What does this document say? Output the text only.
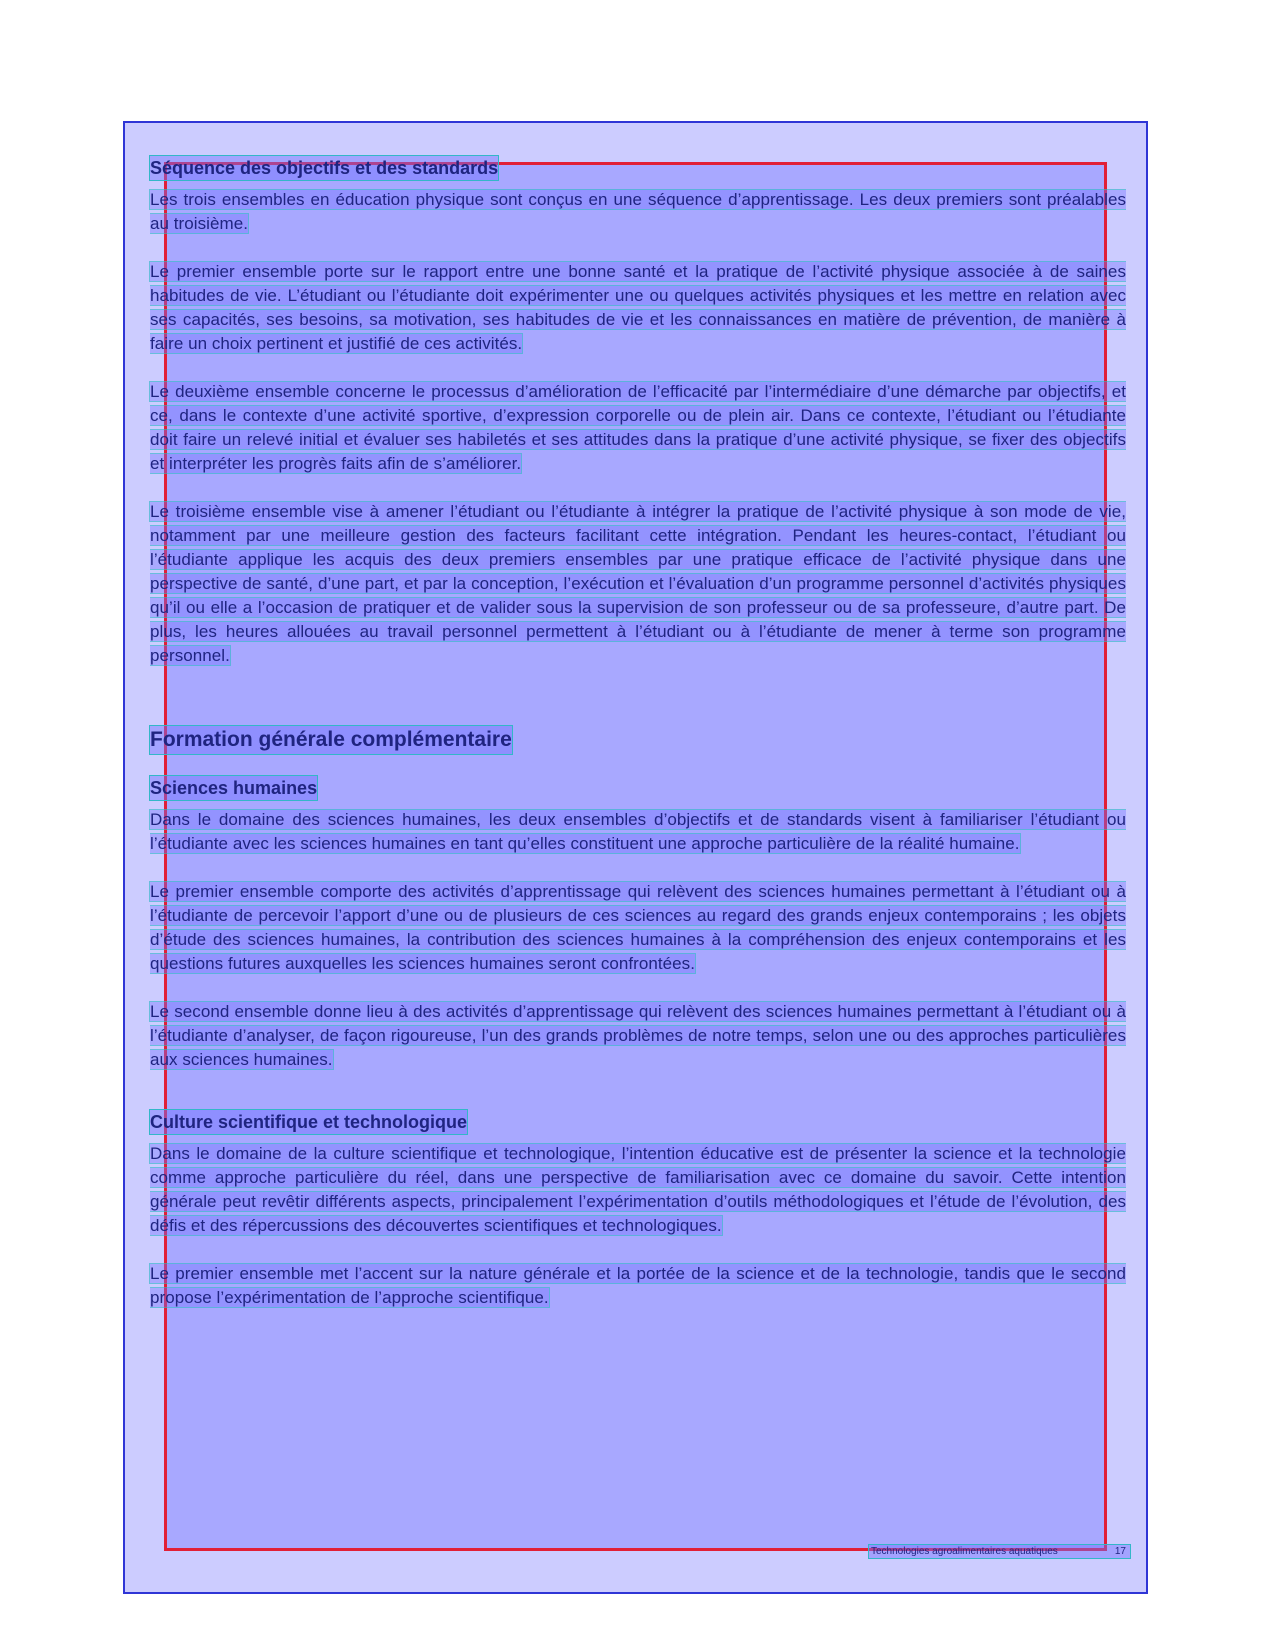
Séquence des objectifs et des standards

Les trois ensembles en éducation physique sont conçus en une séquence d’apprentissage. Les deux premiers sont préalables au troisième.

Le premier ensemble porte sur le rapport entre une bonne santé et la pratique de l’activité physique associée à de saines habitudes de vie. L’étudiant ou l’étudiante doit expérimenter une ou quelques activités physiques et les mettre en relation avec ses capacités, ses besoins, sa motivation, ses habitudes de vie et les connaissances en matière de prévention, de manière à faire un choix pertinent et justifié de ces activités.

Le deuxième ensemble concerne le processus d’amélioration de l’efficacité par l’intermédiaire d’une démarche par objectifs, et ce, dans le contexte d’une activité sportive, d’expression corporelle ou de plein air. Dans ce contexte, l’étudiant ou l’étudiante doit faire un relevé initial et évaluer ses habiletés et ses attitudes dans la pratique d’une activité physique, se fixer des objectifs et interpréter les progrès faits afin de s’améliorer.

Le troisième ensemble vise à amener l’étudiant ou l’étudiante à intégrer la pratique de l’activité physique à son mode de vie, notamment par une meilleure gestion des facteurs facilitant cette intégration. Pendant les heures-contact, l’étudiant ou l’étudiante applique les acquis des deux premiers ensembles par une pratique efficace de l’activité physique dans une perspective de santé, d’une part, et par la conception, l’exécution et l’évaluation d’un programme personnel d’activités physiques qu’il ou elle a l’occasion de pratiquer et de valider sous la supervision de son professeur ou de sa professeure, d’autre part. De plus, les heures allouées au travail personnel permettent à l’étudiant ou à l’étudiante de mener à terme son programme personnel.

Formation générale complémentaire
Sciences humaines

Dans le domaine des sciences humaines, les deux ensembles d’objectifs et de standards visent à familiariser l’étudiant ou l’étudiante avec les sciences humaines en tant qu’elles constituent une approche particulière de la réalité humaine.

Le premier ensemble comporte des activités d’apprentissage qui relèvent des sciences humaines permettant à l’étudiant ou à l’étudiante de percevoir l’apport d’une ou de plusieurs de ces sciences au regard des grands enjeux contemporains ; les objets d’étude des sciences humaines, la contribution des sciences humaines à la compréhension des enjeux contemporains et les questions futures auxquelles les sciences humaines seront confrontées.

Le second ensemble donne lieu à des activités d’apprentissage qui relèvent des sciences humaines permettant à l’étudiant ou à l’étudiante d’analyser, de façon rigoureuse, l’un des grands problèmes de notre temps, selon une ou des approches particulières aux sciences humaines.

Culture scientifique et technologique

Dans le domaine de la culture scientifique et technologique, l’intention éducative est de présenter la science et la technologie comme approche particulière du réel, dans une perspective de familiarisation avec ce domaine du savoir. Cette intention générale peut revêtir différents aspects, principalement l’expérimentation d’outils méthodologiques et l’étude de l’évolution, des défis et des répercussions des découvertes scientifiques et technologiques.

Le premier ensemble met l’accent sur la nature générale et la portée de la science et de la technologie, tandis que le second propose l’expérimentation de l’approche scientifique.

Technologies agroalimentaires aquatiques	17
